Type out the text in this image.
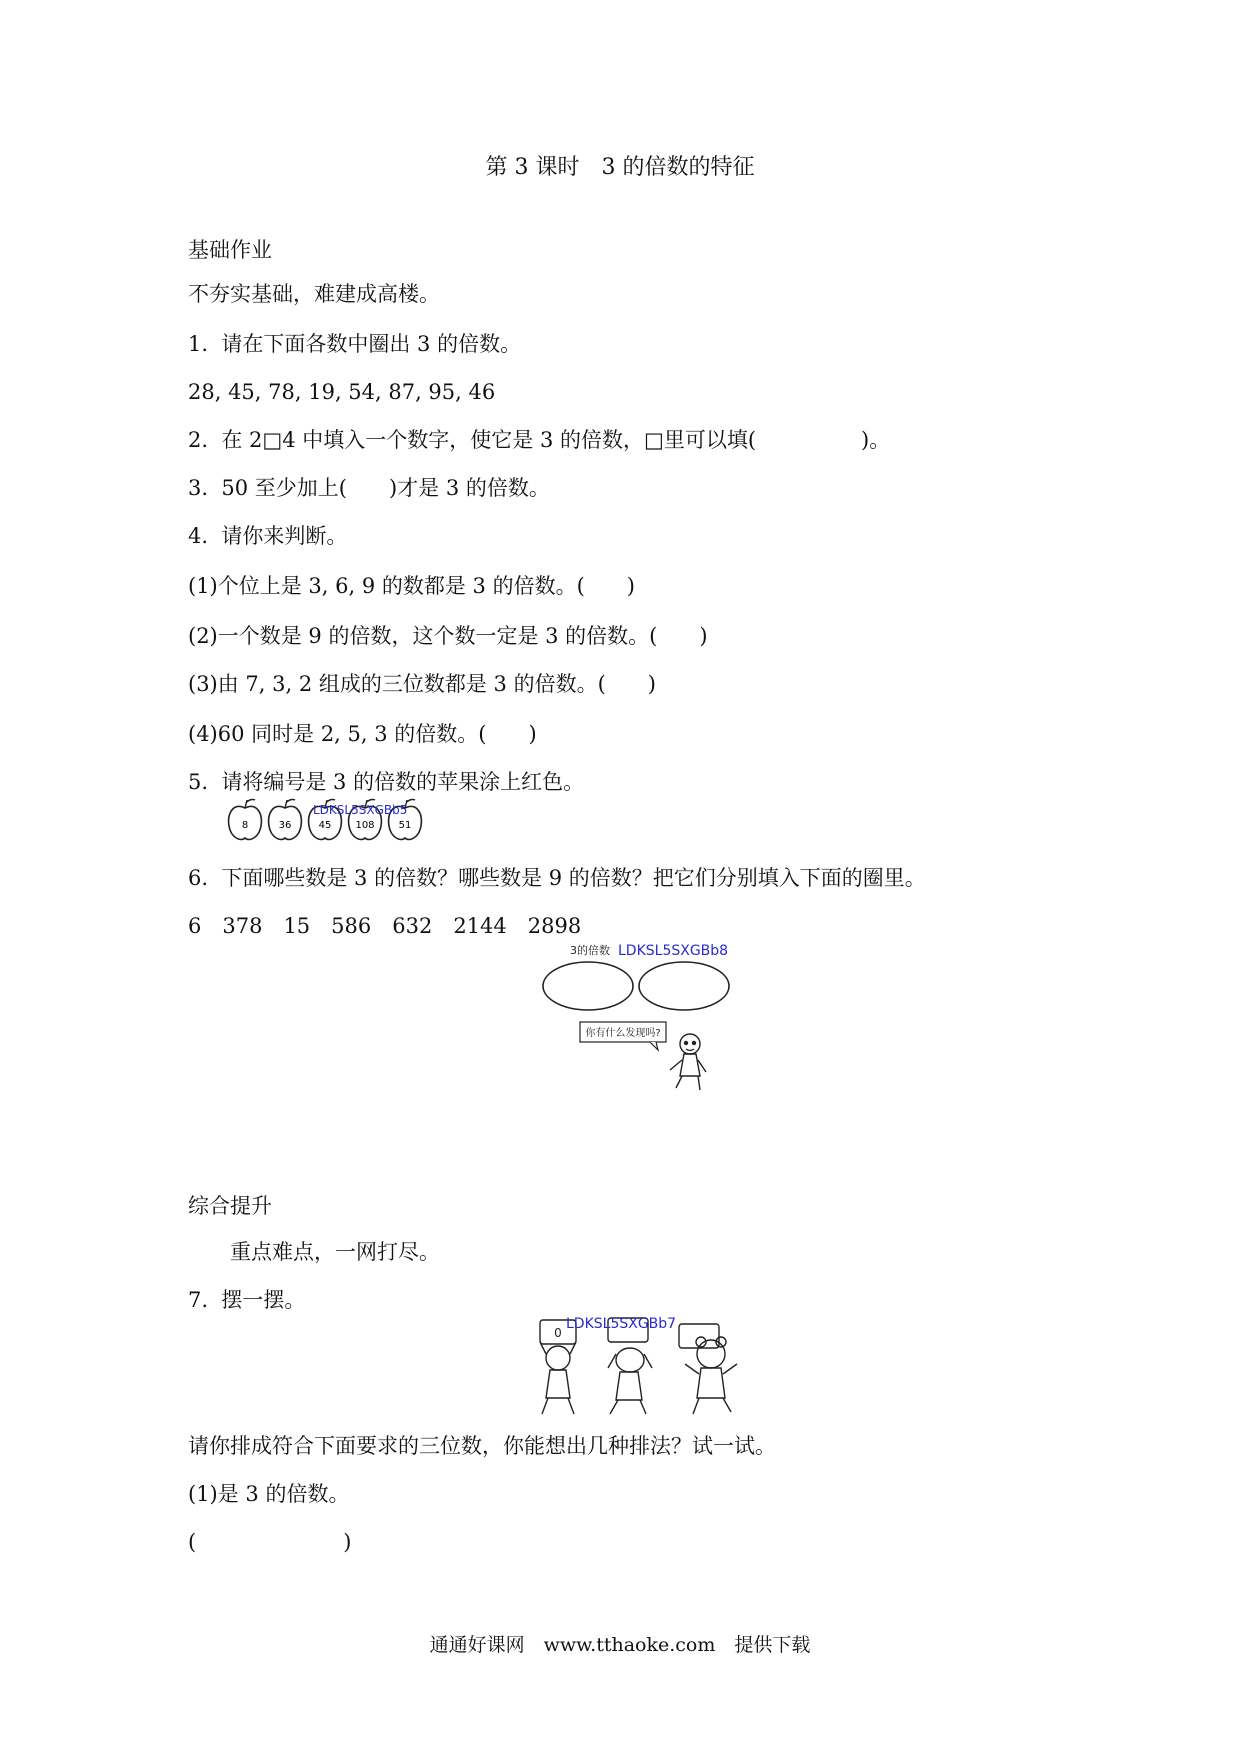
第 3 课时　3 的倍数的特征
基础作业
不夯实基础，难建成高楼。
1.  请在下面各数中圈出 3 的倍数。
28, 45, 78, 19, 54, 87, 95, 46
2.  在 2□4 中填入一个数字，使它是 3 的倍数，□里可以填(　　　　　)。
3.  50 至少加上(　　)才是 3 的倍数。
4.  请你来判断。
(1)个位上是 3, 6, 9 的数都是 3 的倍数。(　　)
(2)一个数是 9 的倍数，这个数一定是 3 的倍数。(　　)
(3)由 7, 3, 2 组成的三位数都是 3 的倍数。(　　)
(4)60 同时是 2, 5, 3 的倍数。(　　)
5.  请将编号是 3 的倍数的苹果涂上红色。
8	36	45 108 51
LDKSL5SXGBb5
6.  下面哪些数是 3 的倍数？哪些数是 9 的倍数？把它们分别填入下面的圈里。
6　378　15　586　632　2144　2898
3的倍数 LDKSL5SXGBb8
你有什么发现吗?
综合提升
重点难点，一网打尽。
7.  摆一摆。
0
LDKSL5SXGBb7
请你排成符合下面要求的三位数，你能想出几种排法？试一试。
(1)是 3 的倍数。
(　　　　　　　)
通通好课网　www.tthaoke.com　提供下载
